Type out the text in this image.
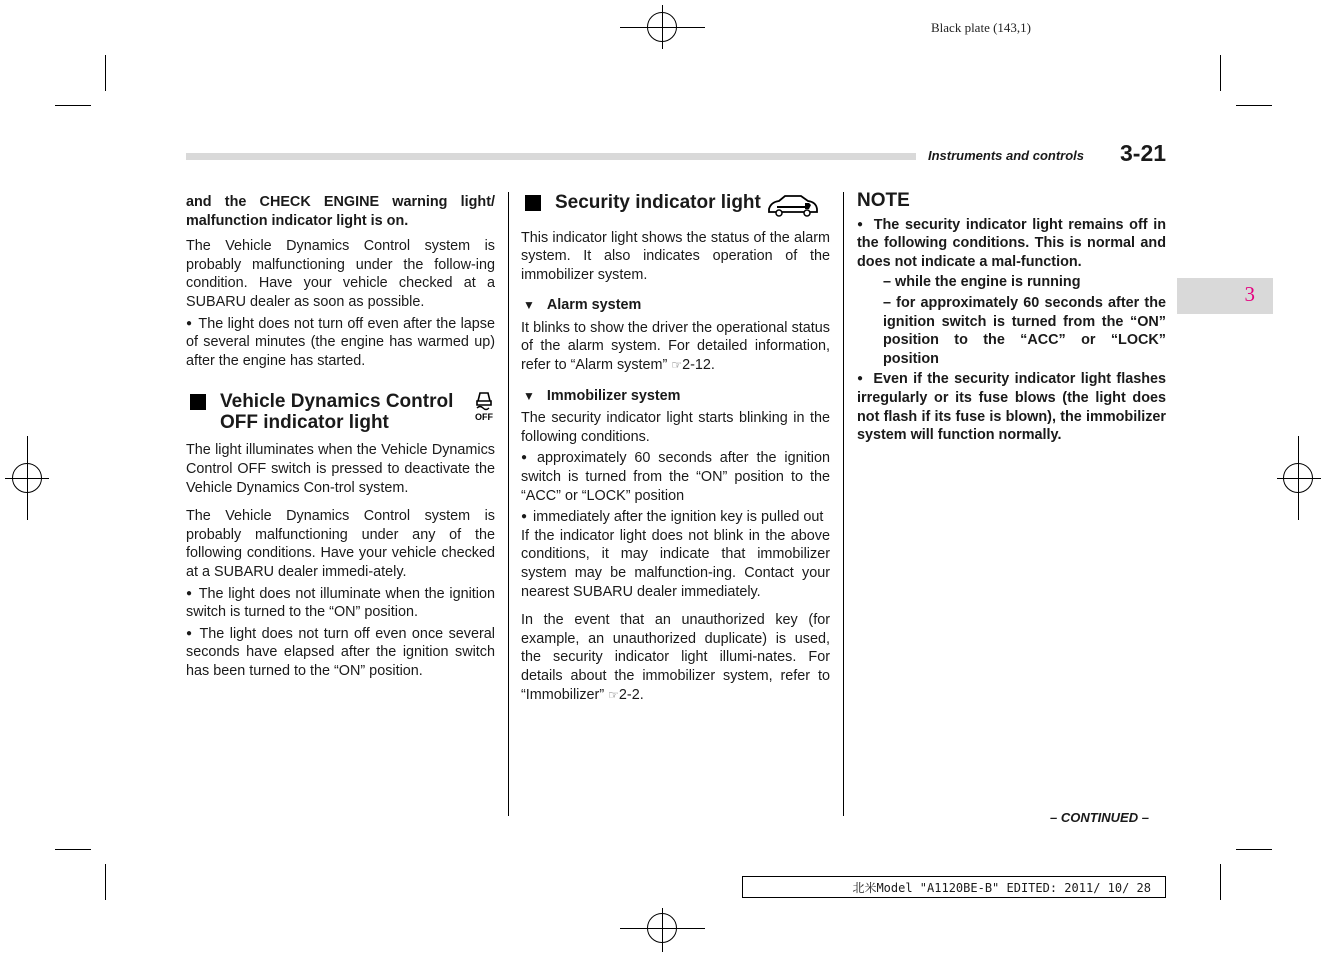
Black plate (143,1)
Instruments and controls 3-21
3

and the CHECK ENGINE warning light/ malfunction indicator light is on.

The Vehicle Dynamics Control system is probably malfunctioning under the follow-ing condition. Have your vehicle checked at a SUBARU dealer as soon as possible.

● The light does not turn off even after the lapse of several minutes (the engine has warmed up) after the engine has started.

Vehicle Dynamics Control OFF indicator light	OFF

The light illuminates when the Vehicle Dynamics Control OFF switch is pressed to deactivate the Vehicle Dynamics Con-trol system.

The Vehicle Dynamics Control system is probably malfunctioning under any of the following conditions. Have your vehicle checked at a SUBARU dealer immedi-ately.

● The light does not illuminate when the ignition switch is turned to the “ON” position.

● The light does not turn off even once several seconds have elapsed after the ignition switch has been turned to the “ON” position.

Security indicator light

This indicator light shows the status of the alarm system. It also indicates operation of the immobilizer system.

▼ Alarm system

It blinks to show the driver the operational status of the alarm system. For detailed information, refer to “Alarm system” ☞2-12.

▼ Immobilizer system

The security indicator light starts blinking in the following conditions.

● approximately 60 seconds after the ignition switch is turned from the “ON” position to the “ACC” or “LOCK” position

● immediately after the ignition key is pulled out

If the indicator light does not blink in the above conditions, it may indicate that immobilizer system may be malfunction-ing. Contact your nearest SUBARU dealer immediately.

In the event that an unauthorized key (for example, an unauthorized duplicate) is used, the security indicator light illumi-nates. For details about the immobilizer system, refer to “Immobilizer” ☞2-2.

NOTE

● The security indicator light remains off in the following conditions. This is normal and does not indicate a mal-function.

– while the engine is running

– for approximately 60 seconds after the ignition switch is turned from the “ON” position to the “ACC” or “LOCK” position

● Even if the security indicator light flashes irregularly or its fuse blows (the light does not flash if its fuse is blown), the immobilizer system will function normally.

– CONTINUED –
北米Model "A1120BE-B" EDITED: 2011/ 10/ 28
